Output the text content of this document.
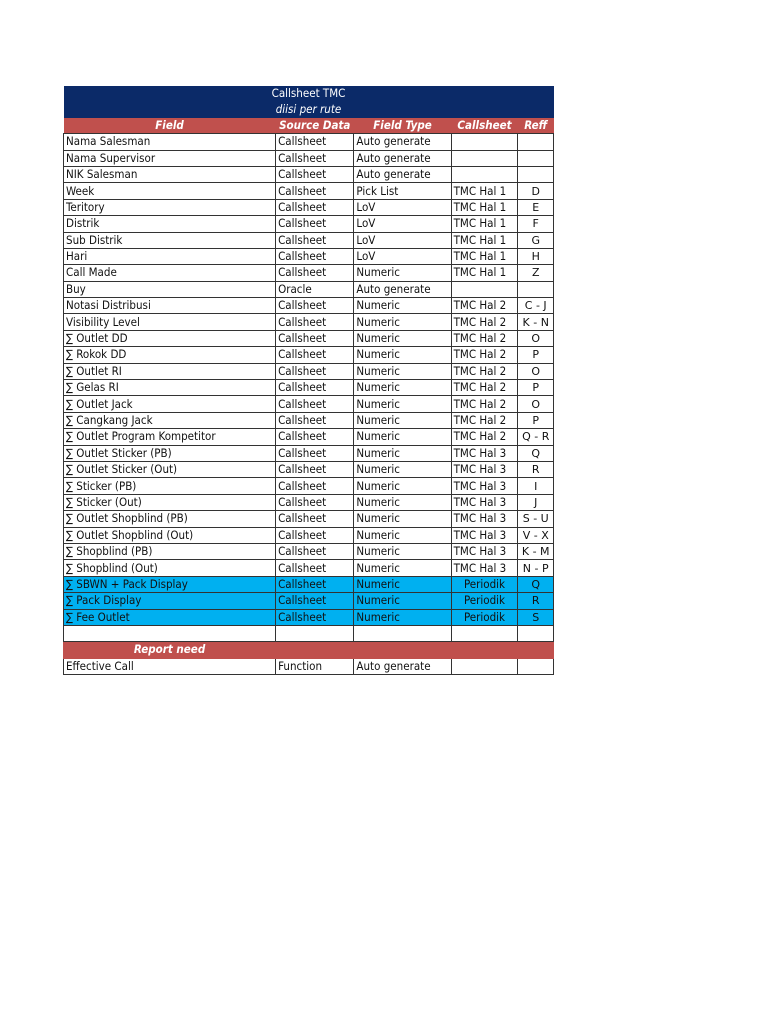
Callsheet TMC				
diisi per rute				
Field	Source Data	Field Type	Callsheet	Reff
Nama Salesman	Callsheet	Auto generate		
Nama Supervisor	Callsheet	Auto generate		
NIK Salesman	Callsheet	Auto generate		
Week	Callsheet	Pick List	TMC Hal 1	D
Teritory	Callsheet	LoV	TMC Hal 1	E
Distrik	Callsheet	LoV	TMC Hal 1	F
Sub Distrik	Callsheet	LoV	TMC Hal 1	G
Hari	Callsheet	LoV	TMC Hal 1	H
Call Made	Callsheet	Numeric	TMC Hal 1	Z
Buy	Oracle	Auto generate		
Notasi Distribusi	Callsheet	Numeric	TMC Hal 2	C - J
Visibility Level	Callsheet	Numeric	TMC Hal 2	K - N
∑ Outlet DD	Callsheet	Numeric	TMC Hal 2	O
∑ Rokok DD	Callsheet	Numeric	TMC Hal 2	P
∑ Outlet RI	Callsheet	Numeric	TMC Hal 2	O
∑ Gelas RI	Callsheet	Numeric	TMC Hal 2	P
∑ Outlet Jack	Callsheet	Numeric	TMC Hal 2	O
∑ Cangkang Jack	Callsheet	Numeric	TMC Hal 2	P
∑ Outlet Program Kompetitor	Callsheet	Numeric	TMC Hal 2	Q - R
∑ Outlet Sticker (PB)	Callsheet	Numeric	TMC Hal 3	Q
∑ Outlet Sticker (Out)	Callsheet	Numeric	TMC Hal 3	R
∑ Sticker (PB)	Callsheet	Numeric	TMC Hal 3	I
∑ Sticker (Out)	Callsheet	Numeric	TMC Hal 3	J
∑ Outlet Shopblind (PB)	Callsheet	Numeric	TMC Hal 3	S - U
∑ Outlet Shopblind (Out)	Callsheet	Numeric	TMC Hal 3	V - X
∑ Shopblind (PB)	Callsheet	Numeric	TMC Hal 3	K - M
∑ Shopblind (Out)	Callsheet	Numeric	TMC Hal 3	N - P
∑ SBWN + Pack Display	Callsheet	Numeric	Periodik	Q
∑ Pack Display	Callsheet	Numeric	Periodik	R
∑ Fee Outlet	Callsheet	Numeric	Periodik	S

Report need				
Effective Call	Function	Auto generate		
